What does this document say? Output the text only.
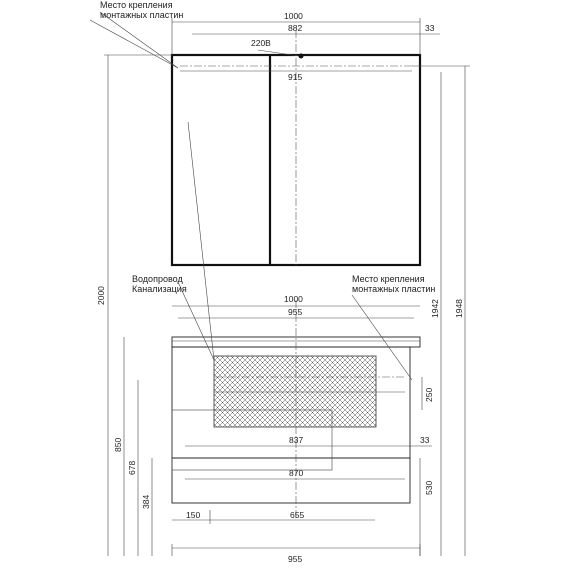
1000
882	33
915
220В
Место крепления
монтажных пластин
2000
1948
1942
1000
955
Водопровод
Канализация
Место крепления
монтажных пластин
250
837	33
870
850
678
384
530
150	655
955
